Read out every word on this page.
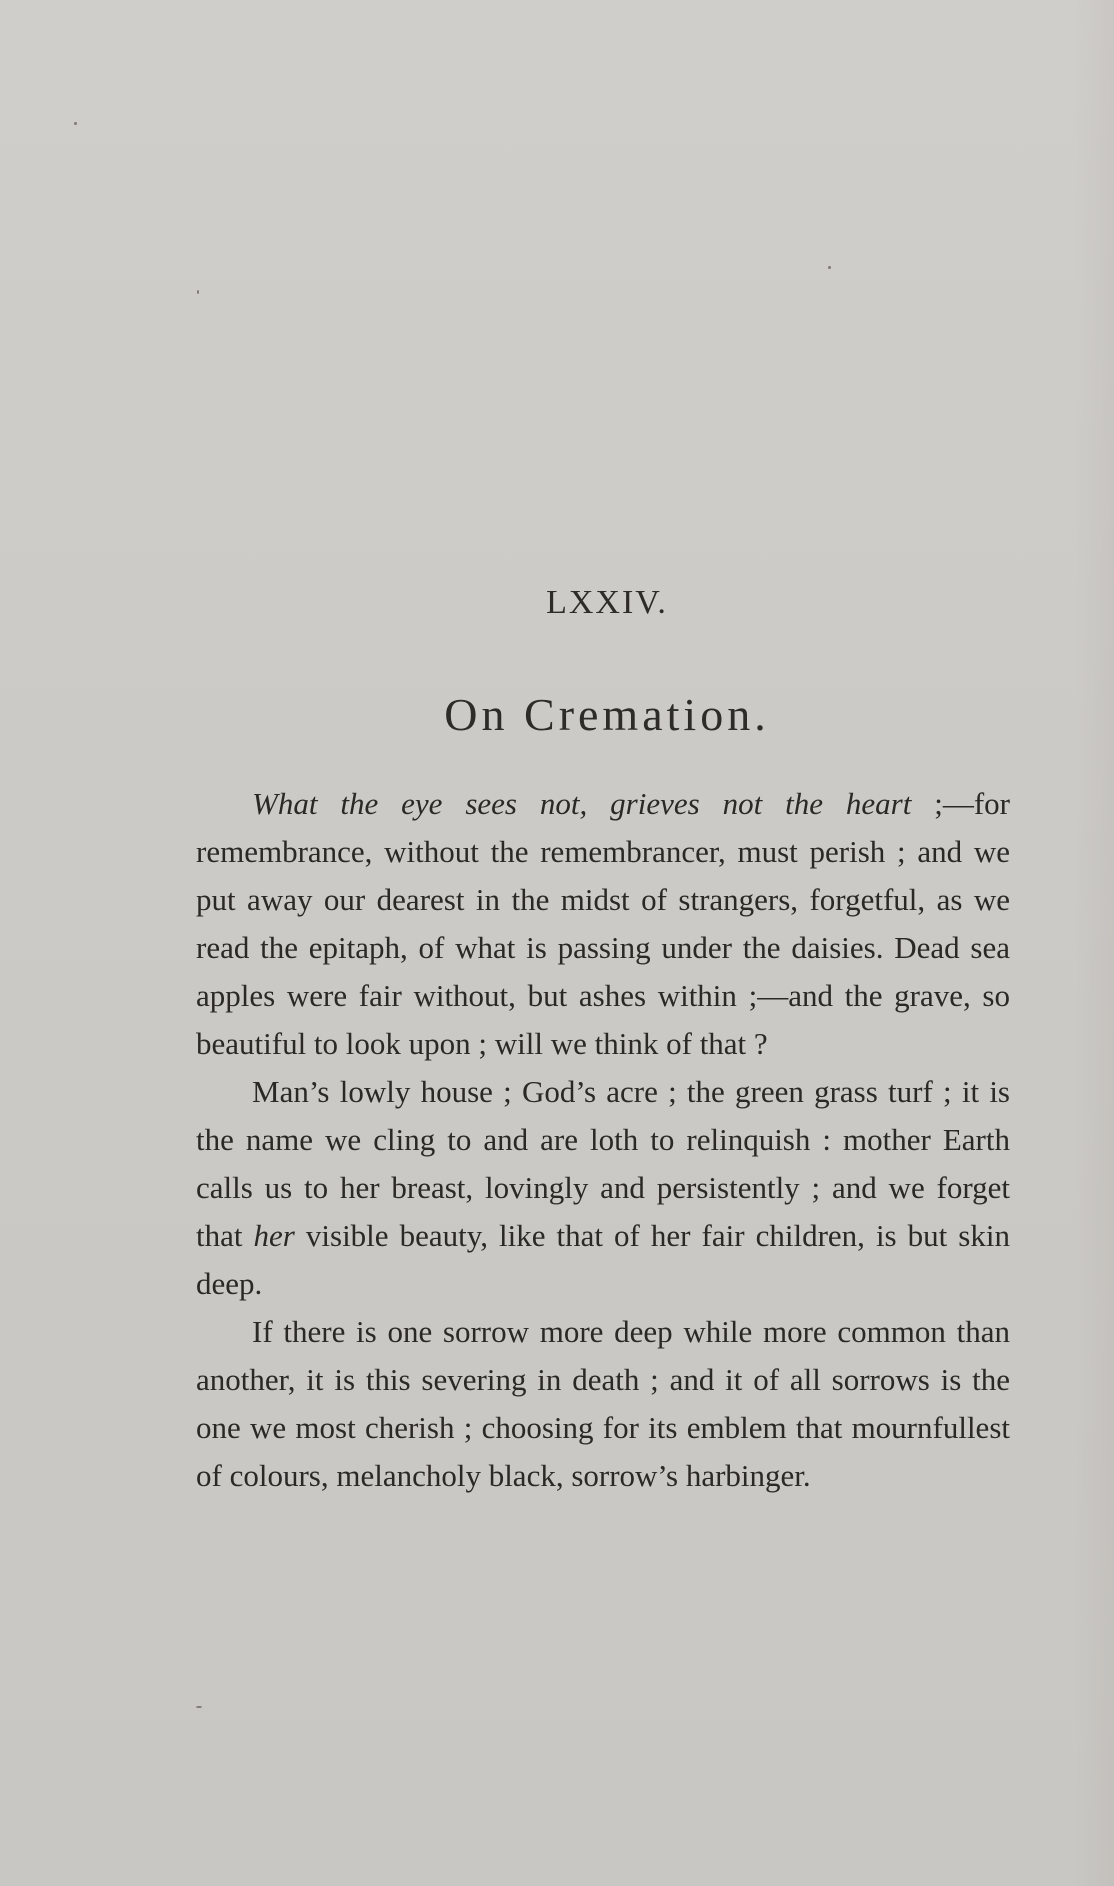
LXXIV.
On Cremation.

What the eye sees not, grieves not the heart ;—for remembrance, without the remembrancer, must perish ; and we put away our dearest in the midst of strangers, forgetful, as we read the epitaph, of what is passing under the daisies. Dead sea apples were fair without, but ashes within ;—and the grave, so beautiful to look upon ; will we think of that ?

Man’s lowly house ; God’s acre ; the green grass turf ; it is the name we cling to and are loth to relinquish : mother Earth calls us to her breast, lovingly and persistently ; and we forget that her visible beauty, like that of her fair children, is but skin deep.

If there is one sorrow more deep while more common than another, it is this severing in death ; and it of all sorrows is the one we most cherish ; choosing for its emblem that mournfullest of colours, melancholy black, sorrow’s harbinger.
